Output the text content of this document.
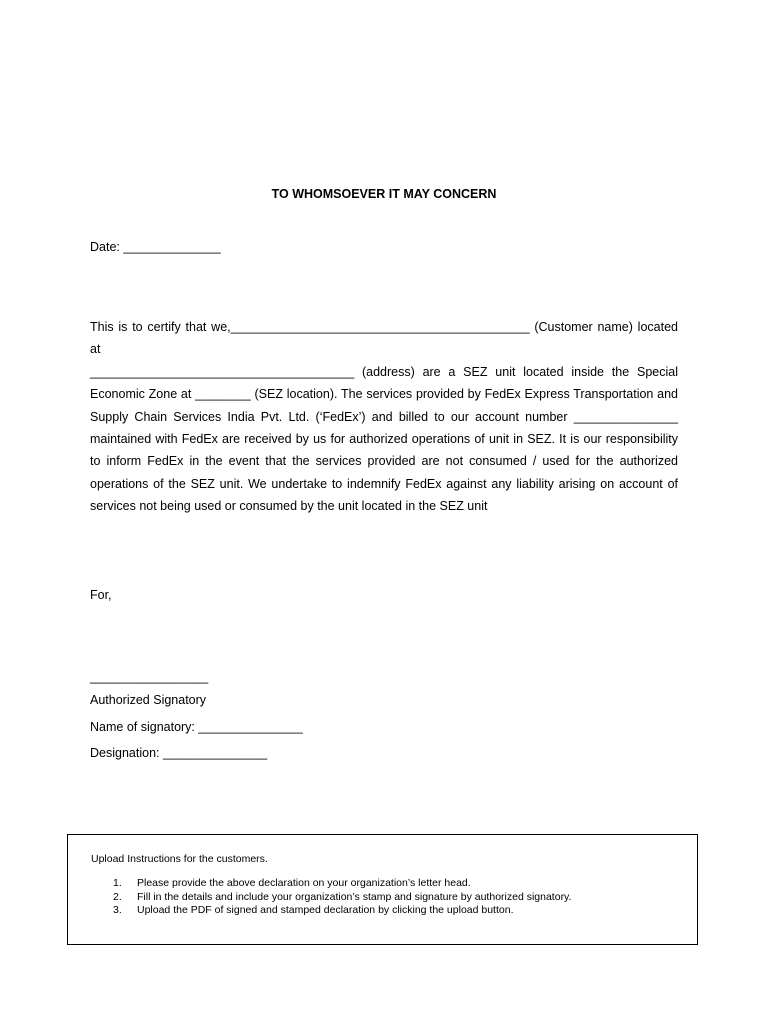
TO WHOMSOEVER IT MAY CONCERN
Date: ______________
This is to certify that we,___________________________________________ (Customer name) located at
______________________________________ (address) are a SEZ unit located inside the Special
Economic Zone at ________ (SEZ location). The services provided by FedEx Express Transportation and
Supply Chain Services India Pvt. Ltd. (‘FedEx’) and billed to our account number _______________
maintained with FedEx are received by us for authorized operations of unit in SEZ. It is our responsibility
to inform FedEx in the event that the services provided are not consumed / used for the authorized
operations of the SEZ unit. We undertake to indemnify FedEx against any liability arising on account of
services not being used or consumed by the unit located in the SEZ unit
For,
_________________
Authorized Signatory
Name of signatory: _______________
Designation: _______________
Upload Instructions for the customers.
1. Please provide the above declaration on your organization’s letter head.
2. Fill in the details and include your organization’s stamp and signature by authorized signatory.
3. Upload the PDF of signed and stamped declaration by clicking the upload button.
